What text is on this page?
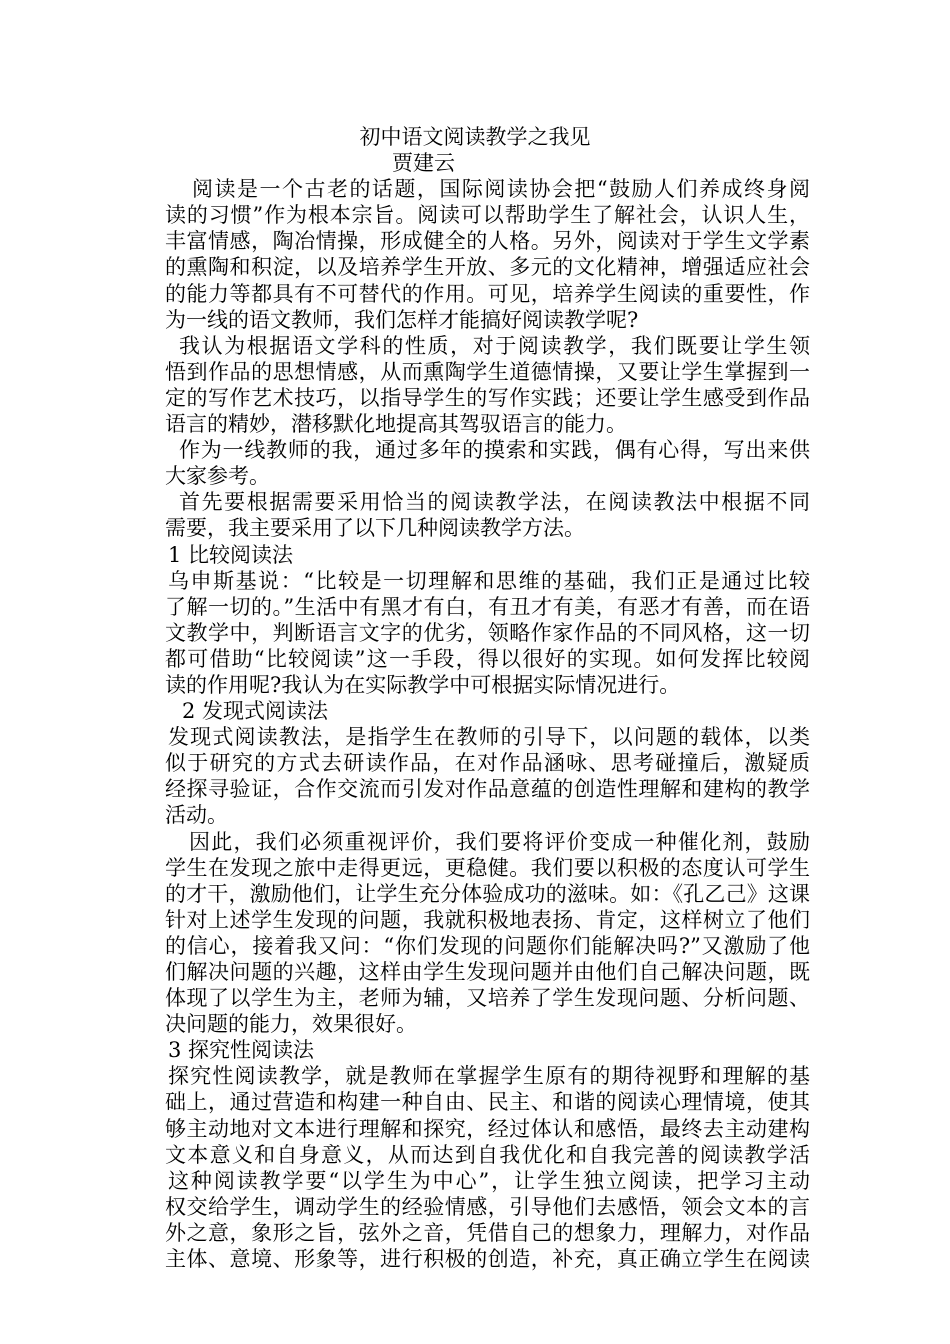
初中语文阅读教学之我见
贾建云
阅读是一个古老的话题，国际阅读协会把“鼓励人们养成终身阅
读的习惯”作为根本宗旨。阅读可以帮助学生了解社会，认识人生，
丰富情感，陶冶情操，形成健全的人格。另外，阅读对于学生文学素
的熏陶和积淀，以及培养学生开放、多元的文化精神，增强适应社会
的能力等都具有不可替代的作用。可见，培养学生阅读的重要性，作
为一线的语文教师，我们怎样才能搞好阅读教学呢?
我认为根据语文学科的性质，对于阅读教学，我们既要让学生领
悟到作品的思想情感，从而熏陶学生道德情操，又要让学生掌握到一
定的写作艺术技巧，以指导学生的写作实践；还要让学生感受到作品
语言的精妙，潜移默化地提高其驾驭语言的能力。
作为一线教师的我，通过多年的摸索和实践，偶有心得，写出来供
大家参考。
首先要根据需要采用恰当的阅读教学法，在阅读教法中根据不同
需要，我主要采用了以下几种阅读教学方法。
1 比较阅读法
乌申斯基说：“比较是一切理解和思维的基础，我们正是通过比较
了解一切的。”生活中有黑才有白，有丑才有美，有恶才有善，而在语
文教学中，判断语言文字的优劣，领略作家作品的不同风格，这一切
都可借助“比较阅读”这一手段，得以很好的实现。如何发挥比较阅
读的作用呢?我认为在实际教学中可根据实际情况进行。
2 发现式阅读法
发现式阅读教法，是指学生在教师的引导下，以问题的载体，以类
似于研究的方式去研读作品，在对作品涵咏、思考碰撞后，激疑质
经探寻验证，合作交流而引发对作品意蕴的创造性理解和建构的教学
活动。
因此，我们必须重视评价，我们要将评价变成一种催化剂，鼓励
学生在发现之旅中走得更远，更稳健。我们要以积极的态度认可学生
的才干，激励他们，让学生充分体验成功的滋味。如：《孔乙己》这课
针对上述学生发现的问题，我就积极地表扬、肯定，这样树立了他们
的信心，接着我又问：“你们发现的问题你们能解决吗?”又激励了他
们解决问题的兴趣，这样由学生发现问题并由他们自己解决问题，既
体现了以学生为主，老师为辅，又培养了学生发现问题、分析问题、
决问题的能力，效果很好。
3 探究性阅读法
探究性阅读教学，就是教师在掌握学生原有的期待视野和理解的基
础上，通过营造和构建一种自由、民主、和谐的阅读心理情境，使其
够主动地对文本进行理解和探究，经过体认和感悟，最终去主动建构
文本意义和自身意义，从而达到自我优化和自我完善的阅读教学活
这种阅读教学要“以学生为中心”，让学生独立阅读，把学习主动
权交给学生，调动学生的经验情感，引导他们去感悟，领会文本的言
外之意，象形之旨，弦外之音，凭借自己的想象力，理解力，对作品
主体、意境、形象等，进行积极的创造，补充，真正确立学生在阅读
